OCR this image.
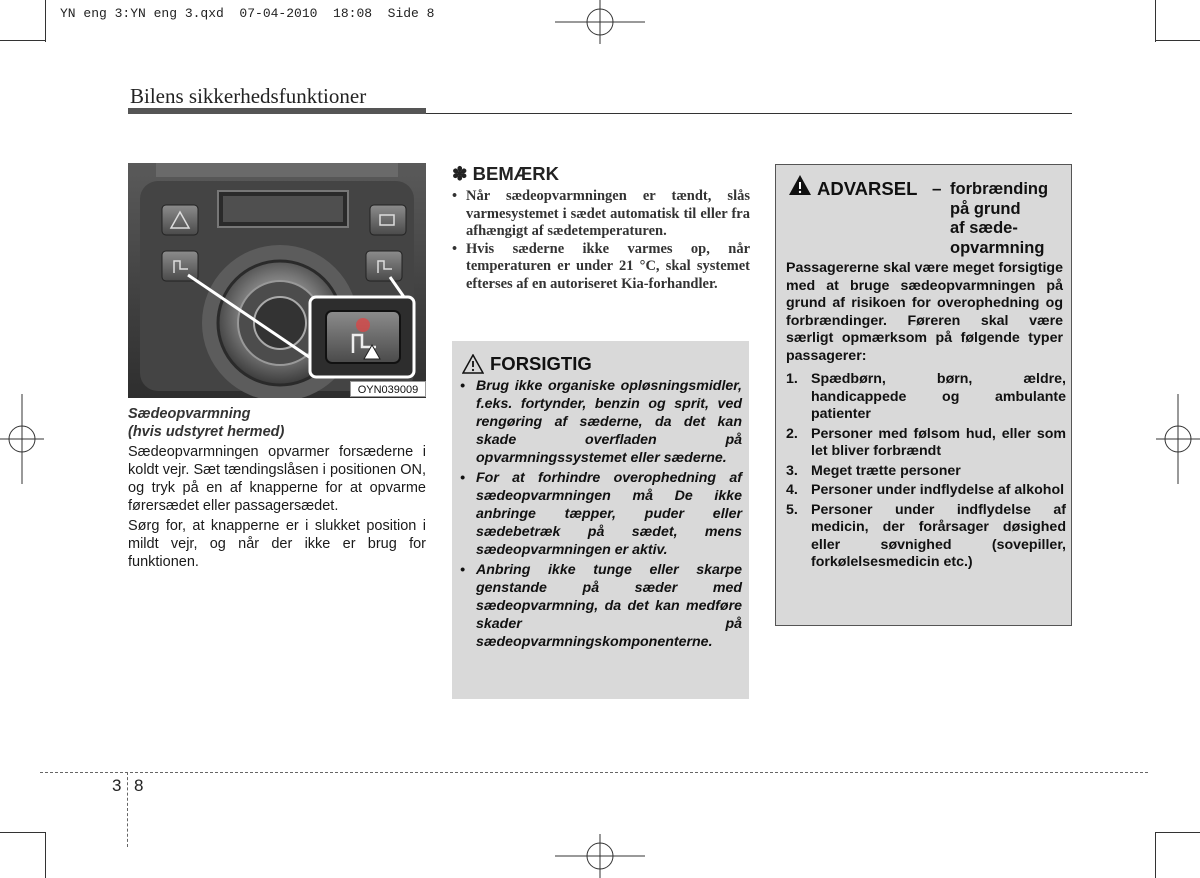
YN eng 3:YN eng 3.qxd  07-04-2010  18:08  Side 8
Bilens sikkerhedsfunktioner
OYN039009
Sædeopvarmning
(hvis udstyret hermed)

Sædeopvarmningen opvarmer forsæderne i koldt vejr. Sæt tændingslåsen i positionen ON, og tryk på en af knapperne for at opvarme førersædet eller passagersædet.

Sørg for, at knapperne er i slukket position i mildt vejr, og når der ikke er brug for funktionen.

✽ BEMÆRK
• Når sædeopvarmningen er tændt, slås varmesystemet i sædet automatisk til eller fra afhængigt af sædetemperaturen.
• Hvis sæderne ikke varmes op, når temperaturen er under 21 °C, skal systemet efterses af en autoriseret Kia-forhandler.
FORSIGTIG
• Brug ikke organiske opløsningsmidler, f.eks. fortynder, benzin og sprit, ved rengøring af sæderne, da det kan skade overfladen på opvarmningssystemet eller sæderne.
• For at forhindre overophedning af sædeopvarmningen må De ikke anbringe tæpper, puder eller sædebetræk på sædet, mens sædeopvarmningen er aktiv.
• Anbring ikke tunge eller skarpe genstande på sæder med sædeopvarmning, da det kan medføre skader på sædeopvarmningskomponenterne.
ADVARSEL – forbrænding
på grund
af sæde-
opvarmning
Passagererne skal være meget forsigtige med at bruge sædeopvarmningen på grund af risikoen for overophedning og forbrændinger. Føreren skal være særligt opmærksom på følgende typer passagerer:
1. Spædbørn, børn, ældre, handicappede og ambulante patienter
2. Personer med følsom hud, eller som let bliver forbrændt
3. Meget trætte personer
4. Personer under indflydelse af alkohol
5. Personer under indflydelse af medicin, der forårsager døsighed eller søvnighed (sovepiller, forkølelsesmedicin etc.)
3 8
